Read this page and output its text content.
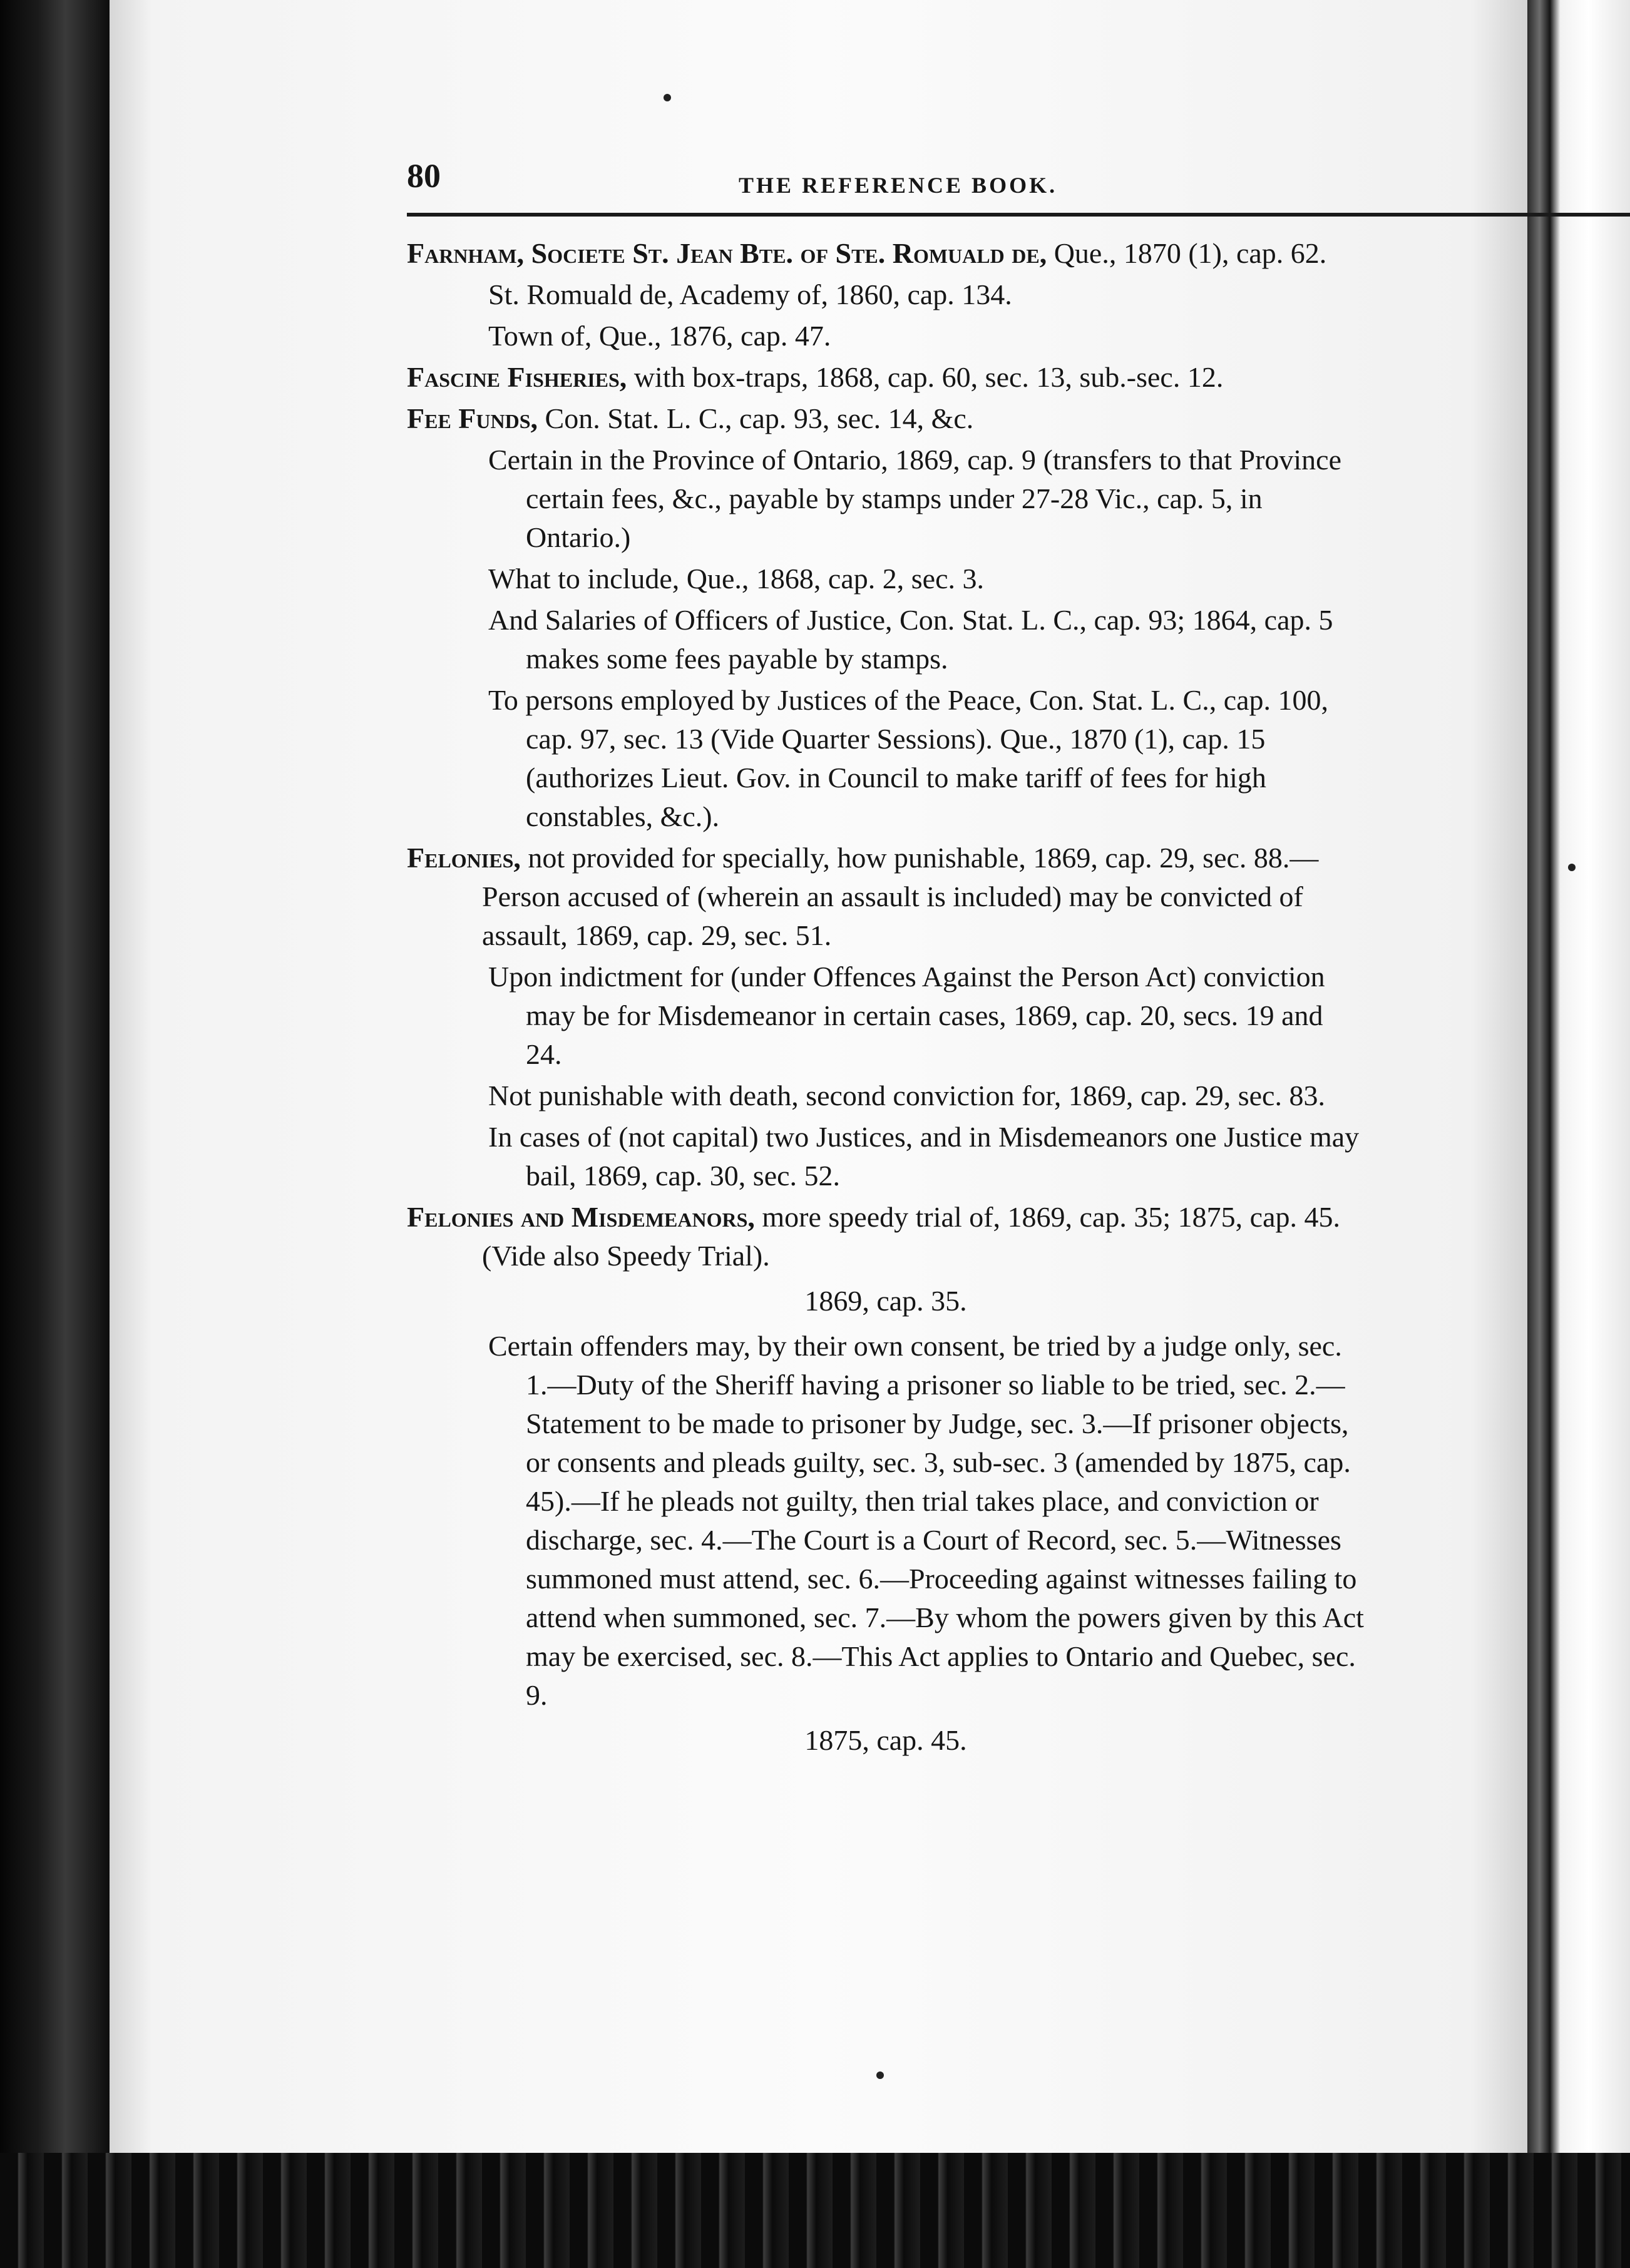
80	THE REFERENCE BOOK.

Farnham, Societe St. Jean Bte. of Ste. Romuald de, Que., 1870 (1), cap. 62.

St. Romuald de, Academy of, 1860, cap. 134.

Town of, Que., 1876, cap. 47.

Fascine Fisheries, with box-traps, 1868, cap. 60, sec. 13, sub.-sec. 12.

Fee Funds, Con. Stat. L. C., cap. 93, sec. 14, &c.

Certain in the Province of Ontario, 1869, cap. 9 (transfers to that Province certain fees, &c., payable by stamps under 27-28 Vic., cap. 5, in Ontario.)

What to include, Que., 1868, cap. 2, sec. 3.

And Salaries of Officers of Justice, Con. Stat. L. C., cap. 93; 1864, cap. 5 makes some fees payable by stamps.

To persons employed by Justices of the Peace, Con. Stat. L. C., cap. 100, cap. 97, sec. 13 (Vide Quarter Sessions). Que., 1870 (1), cap. 15 (authorizes Lieut. Gov. in Council to make tariff of fees for high constables, &c.).

Felonies, not provided for specially, how punishable, 1869, cap. 29, sec. 88.—Person accused of (wherein an assault is included) may be convicted of assault, 1869, cap. 29, sec. 51.

Upon indictment for (under Offences Against the Person Act) conviction may be for Misdemeanor in certain cases, 1869, cap. 20, secs. 19 and 24.

Not punishable with death, second conviction for, 1869, cap. 29, sec. 83.

In cases of (not capital) two Justices, and in Misdemeanors one Justice may bail, 1869, cap. 30, sec. 52.

Felonies and Misdemeanors, more speedy trial of, 1869, cap. 35; 1875, cap. 45. (Vide also Speedy Trial).

1869, cap. 35.

Certain offenders may, by their own consent, be tried by a judge only, sec. 1.—Duty of the Sheriff having a prisoner so liable to be tried, sec. 2.—Statement to be made to prisoner by Judge, sec. 3.—If prisoner objects, or consents and pleads guilty, sec. 3, sub-sec. 3 (amended by 1875, cap. 45).—If he pleads not guilty, then trial takes place, and conviction or discharge, sec. 4.—The Court is a Court of Record, sec. 5.—Witnesses summoned must attend, sec. 6.—Proceeding against witnesses failing to attend when summoned, sec. 7.—By whom the powers given by this Act may be exercised, sec. 8.—This Act applies to Ontario and Quebec, sec. 9.

1875, cap. 45.
